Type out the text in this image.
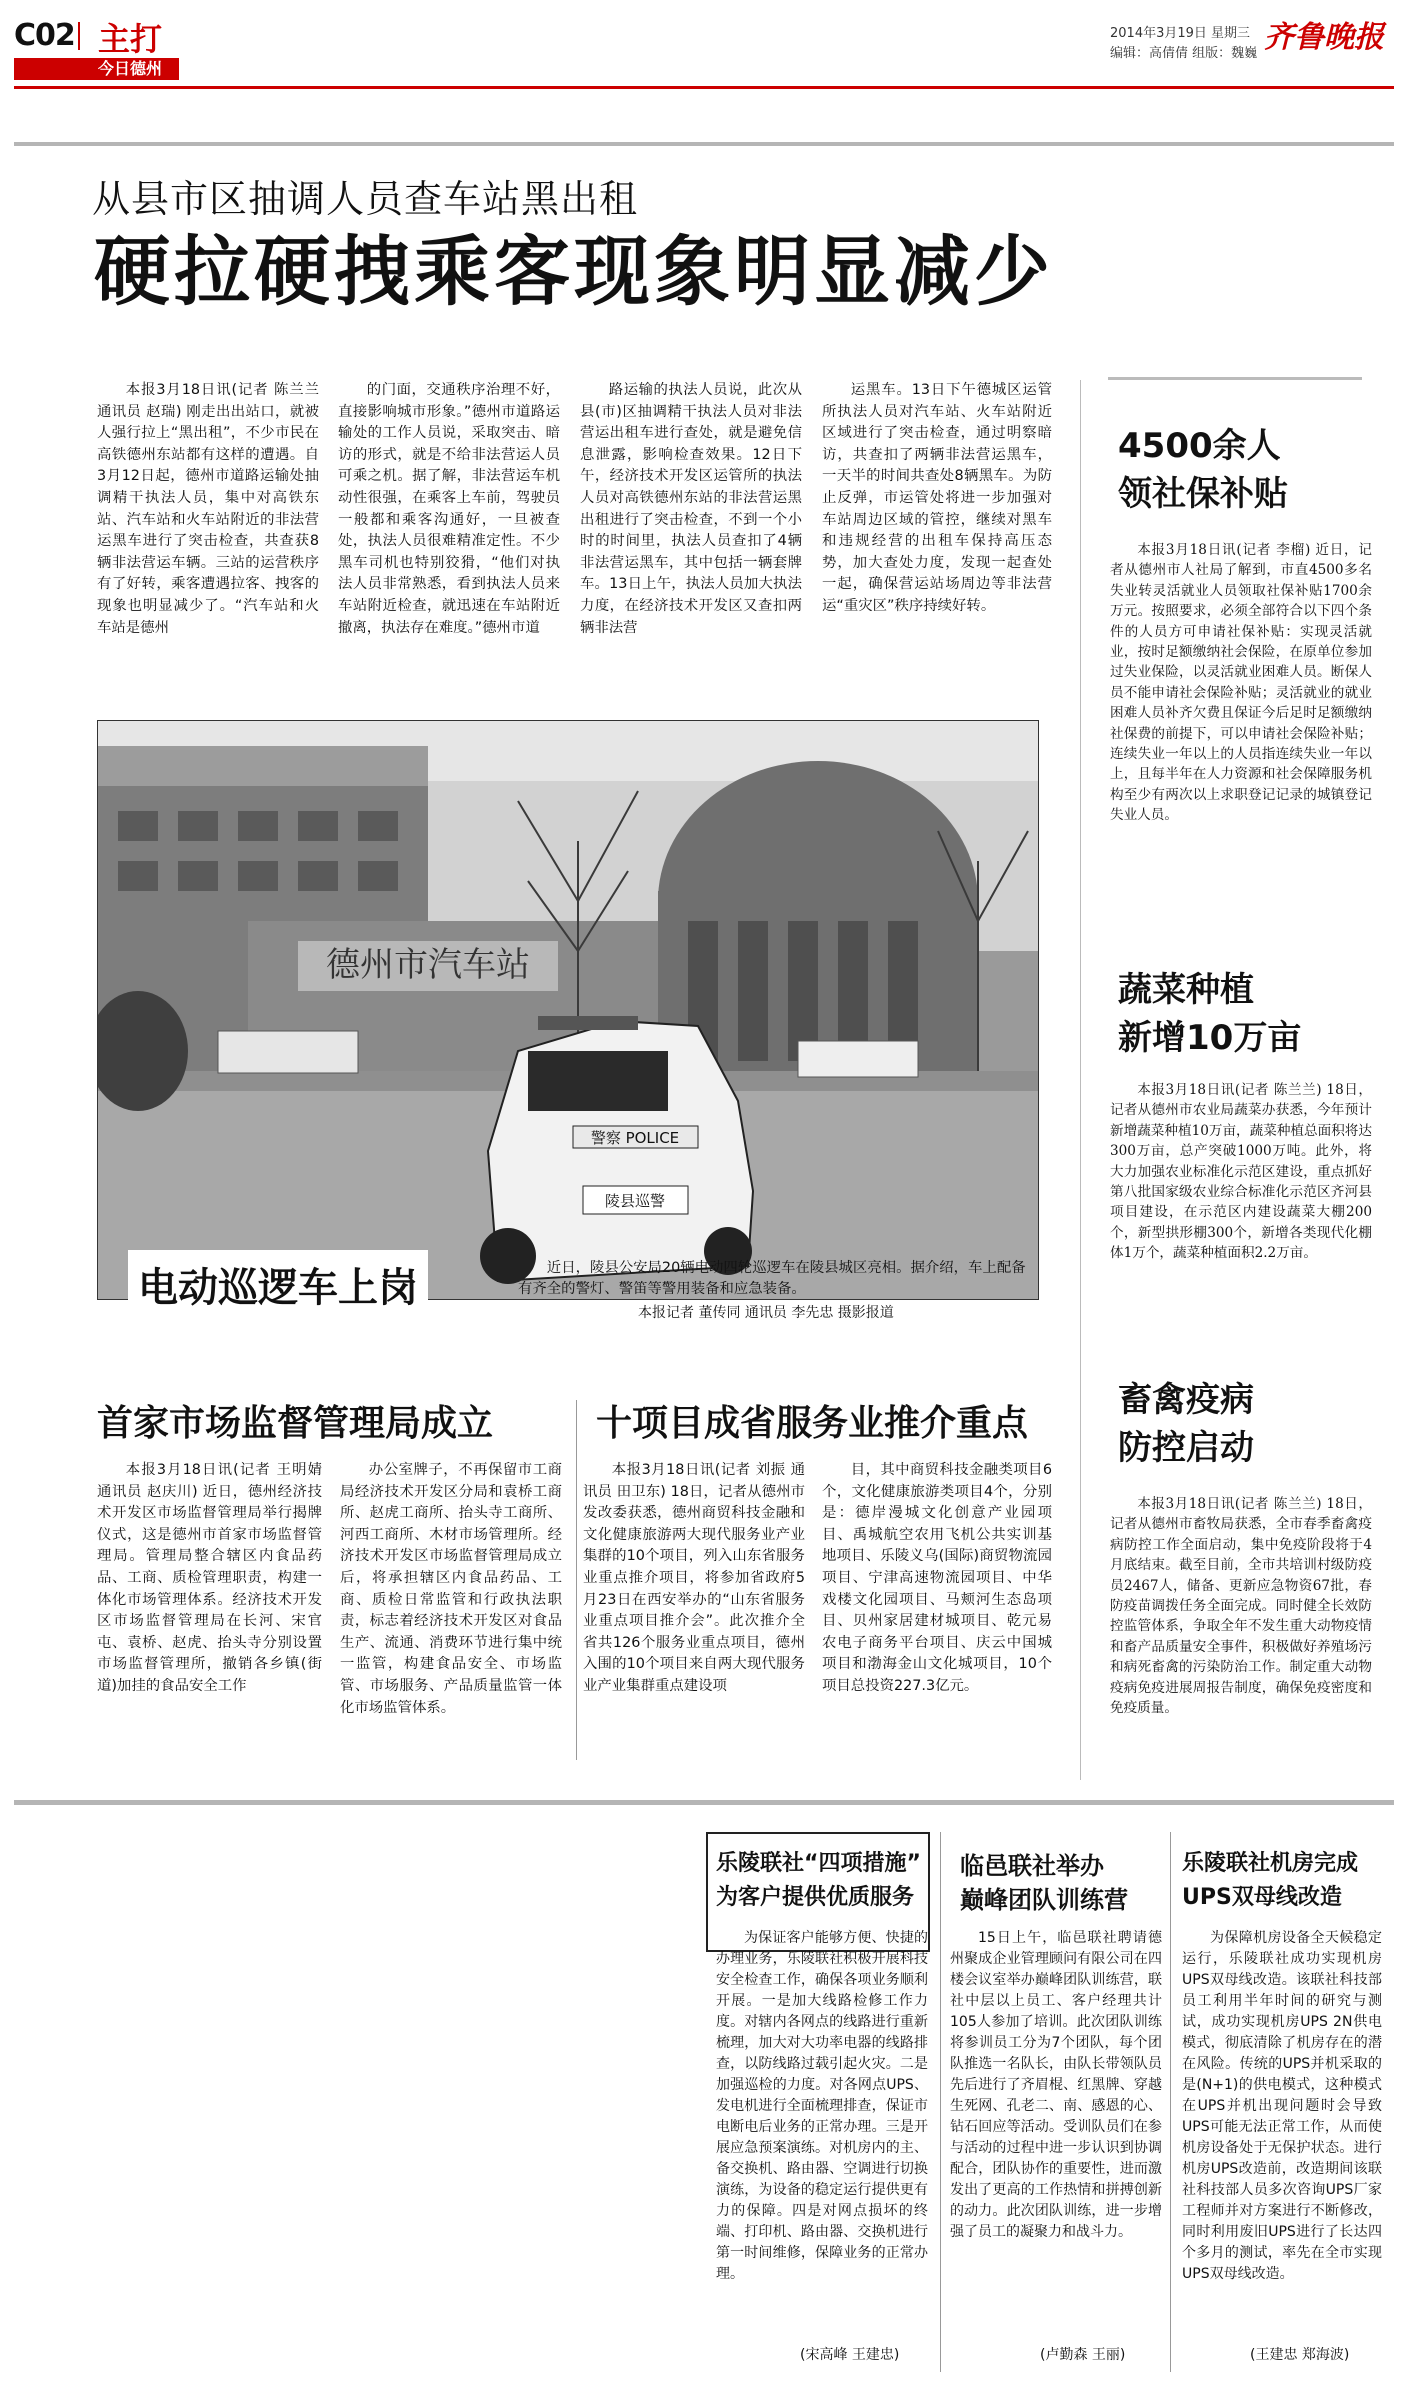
C02 主打
今日德州
2014年3月19日 星期三
编辑：高倩倩 组版：魏巍 齐鲁晚报
从县市区抽调人员查车站黑出租
硬拉硬拽乘客现象明显减少
本报3月18日讯(记者 陈兰兰 通讯员 赵瑞) 刚走出出站口，就被人强行拉上“黑出租”，不少市民在高铁德州东站都有这样的遭遇。自3月12日起，德州市道路运输处抽调精干执法人员，集中对高铁东站、汽车站和火车站附近的非法营运黑车进行了突击检查，共查获8辆非法营运车辆。三站的运营秩序有了好转，乘客遭遇拉客、拽客的现象也明显减少了。“汽车站和火车站是德州
的门面，交通秩序治理不好，直接影响城市形象。”德州市道路运输处的工作人员说，采取突击、暗访的形式，就是不给非法营运人员可乘之机。据了解，非法营运车机动性很强，在乘客上车前，驾驶员一般都和乘客沟通好，一旦被查处，执法人员很难精准定性。不少黑车司机也特别狡猾，“他们对执法人员非常熟悉，看到执法人员来车站附近检查，就迅速在车站附近撤离，执法存在难度。”德州市道
路运输的执法人员说，此次从县(市)区抽调精干执法人员对非法营运出租车进行查处，就是避免信息泄露，影响检查效果。12日下午，经济技术开发区运管所的执法人员对高铁德州东站的非法营运黑出租进行了突击检查，不到一个小时的时间里，执法人员查扣了4辆非法营运黑车，其中包括一辆套牌车。13日上午，执法人员加大执法力度，在经济技术开发区又查扣两辆非法营
运黑车。13日下午德城区运管所执法人员对汽车站、火车站附近区域进行了突击检查，通过明察暗访，共查扣了两辆非法营运黑车，一天半的时间共查处8辆黑车。为防止反弹，市运管处将进一步加强对车站周边区域的管控，继续对黑车和违规经营的出租车保持高压态势，加大查处力度，发现一起查处一起，确保营运站场周边等非法营运“重灾区”秩序持续好转。
德州市汽车站
警察 POLICE
陵县巡警
电动巡逻车上岗	近日，陵县公安局20辆电动四轮巡逻车在陵县城区亮相。据介绍，车上配备有齐全的警灯、警笛等警用装备和应急装备。
本报记者 董传同 通讯员 李先忠 摄影报道
首家市场监督管理局成立
本报3月18日讯(记者 王明婧 通讯员 赵庆川) 近日，德州经济技术开发区市场监督管理局举行揭牌仪式，这是德州市首家市场监督管理局。管理局整合辖区内食品药品、工商、质检管理职责，构建一体化市场管理体系。经济技术开发区市场监督管理局在长河、宋官屯、袁桥、赵虎、抬头寺分别设置市场监督管理所，撤销各乡镇(街道)加挂的食品安全工作
办公室牌子，不再保留市工商局经济技术开发区分局和袁桥工商所、赵虎工商所、抬头寺工商所、河西工商所、木材市场管理所。经济技术开发区市场监督管理局成立后，将承担辖区内食品药品、工商、质检日常监管和行政执法职责，标志着经济技术开发区对食品生产、流通、消费环节进行集中统一监管，构建食品安全、市场监管、市场服务、产品质量监管一体化市场监管体系。
十项目成省服务业推介重点
本报3月18日讯(记者 刘振 通讯员 田卫东) 18日，记者从德州市发改委获悉，德州商贸科技金融和文化健康旅游两大现代服务业产业集群的10个项目，列入山东省服务业重点推介项目，将参加省政府5月23日在西安举办的“山东省服务业重点项目推介会”。此次推介全省共126个服务业重点项目，德州入围的10个项目来自两大现代服务业产业集群重点建设项
目，其中商贸科技金融类项目6个，文化健康旅游类项目4个，分别是：德岸漫城文化创意产业园项目、禹城航空农用飞机公共实训基地项目、乐陵义乌(国际)商贸物流园项目、宁津高速物流园项目、中华戏楼文化园项目、马颊河生态岛项目、贝州家居建材城项目、乾元易农电子商务平台项目、庆云中国城项目和渤海金山文化城项目，10个项目总投资227.3亿元。
4500余人
领社保补贴
本报3月18日讯(记者 李榴) 近日，记者从德州市人社局了解到，市直4500多名失业转灵活就业人员领取社保补贴1700余万元。按照要求，必须全部符合以下四个条件的人员方可申请社保补贴：实现灵活就业，按时足额缴纳社会保险，在原单位参加过失业保险，以灵活就业困难人员。断保人员不能申请社会保险补贴；灵活就业的就业困难人员补齐欠费且保证今后足时足额缴纳社保费的前提下，可以申请社会保险补贴；连续失业一年以上的人员指连续失业一年以上，且每半年在人力资源和社会保障服务机构至少有两次以上求职登记记录的城镇登记失业人员。
蔬菜种植
新增10万亩
本报3月18日讯(记者 陈兰兰) 18日，记者从德州市农业局蔬菜办获悉，今年预计新增蔬菜种植10万亩，蔬菜种植总面积将达300万亩，总产突破1000万吨。此外，将大力加强农业标准化示范区建设，重点抓好第八批国家级农业综合标准化示范区齐河县项目建设，在示范区内建设蔬菜大棚200个，新型拱形棚300个，新增各类现代化棚体1万个，蔬菜种植面积2.2万亩。
畜禽疫病
防控启动
本报3月18日讯(记者 陈兰兰) 18日，记者从德州市畜牧局获悉，全市春季畜禽疫病防控工作全面启动，集中免疫阶段将于4月底结束。截至目前，全市共培训村级防疫员2467人，储备、更新应急物资67批，春防疫苗调拨任务全面完成。同时健全长效防控监管体系，争取全年不发生重大动物疫情和畜产品质量安全事件，积极做好养殖场污和病死畜禽的污染防治工作。制定重大动物疫病免疫进展周报告制度，确保免疫密度和免疫质量。
乐陵联社“四项措施”
为客户提供优质服务
为保证客户能够方便、快捷的办理业务，乐陵联社积极开展科技安全检查工作，确保各项业务顺利开展。一是加大线路检修工作力度。对辖内各网点的线路进行重新梳理，加大对大功率电器的线路排查，以防线路过载引起火灾。二是加强巡检的力度。对各网点UPS、发电机进行全面梳理排查，保证市电断电后业务的正常办理。三是开展应急预案演练。对机房内的主、备交换机、路由器、空调进行切换演练，为设备的稳定运行提供更有力的保障。四是对网点损坏的终端、打印机、路由器、交换机进行第一时间维修，保障业务的正常办理。
(宋高峰 王建忠)
临邑联社举办
巅峰团队训练营
15日上午，临邑联社聘请德州聚成企业管理顾问有限公司在四楼会议室举办巅峰团队训练营，联社中层以上员工、客户经理共计105人参加了培训。此次团队训练将参训员工分为7个团队，每个团队推选一名队长，由队长带领队员先后进行了齐眉棍、红黑牌、穿越生死网、孔老二、南、感恩的心、钻石回应等活动。受训队员们在参与活动的过程中进一步认识到协调配合，团队协作的重要性，进而激发出了更高的工作热情和拼搏创新的动力。此次团队训练，进一步增强了员工的凝聚力和战斗力。
(卢勤森 王丽)
乐陵联社机房完成
UPS双母线改造
为保障机房设备全天候稳定运行，乐陵联社成功实现机房UPS双母线改造。该联社科技部员工利用半年时间的研究与测试，成功实现机房UPS 2N供电模式，彻底清除了机房存在的潜在风险。传统的UPS并机采取的是(N+1)的供电模式，这种模式在UPS并机出现问题时会导致UPS可能无法正常工作，从而使机房设备处于无保护状态。进行机房UPS改造前，改造期间该联社科技部人员多次咨询UPS厂家工程师并对方案进行不断修改，同时利用废旧UPS进行了长达四个多月的测试，率先在全市实现UPS双母线改造。
(王建忠 郑海波)
